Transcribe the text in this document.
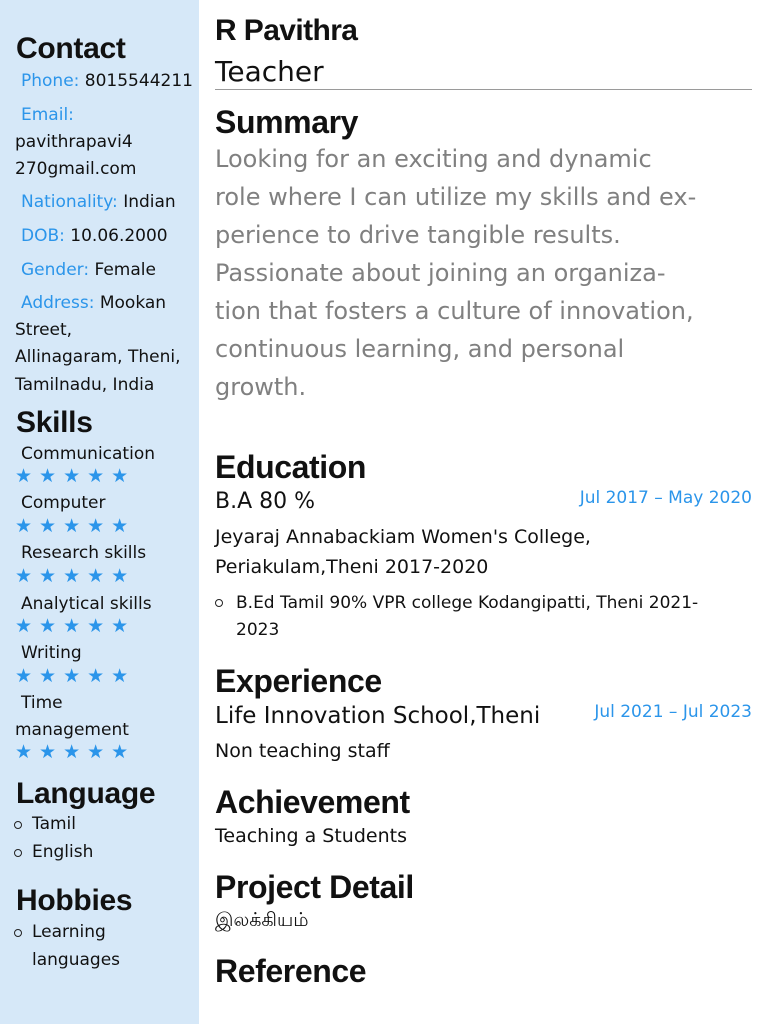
Contact
Phone: 8015544211
Email:
pavithrapavi4
270gmail.com
Nationality: Indian
DOB: 10.06.2000
Gender: Female
Address: Mookan
Street,
Allinagaram, Theni,
Tamilnadu, India
Skills
Communication
★★★★★
Computer
★★★★★
Research skills
★★★★★
Analytical skills
★★★★★
Writing
★★★★★
Time
management
★★★★★
Language
Tamil
English
Hobbies
Learning
languages
R Pavithra
Teacher
Summary
Looking for an exciting and dynamic
role where I can utilize my skills and ex-
perience to drive tangible results.
Passionate about joining an organiza-
tion that fosters a culture of innovation,
continuous learning, and personal
growth.
Education
B.A 80 %	Jul 2017 – May 2020
Jeyaraj Annabackiam Women's College,
Periakulam,Theni 2017-2020
B.Ed Tamil 90% VPR college Kodangipatti, Theni 2021-
2023
Experience
Life Innovation School,Theni	Jul 2021 – Jul 2023
Non teaching staff
Achievement
Teaching a Students
Project Detail
இலக்கியம்
Reference
